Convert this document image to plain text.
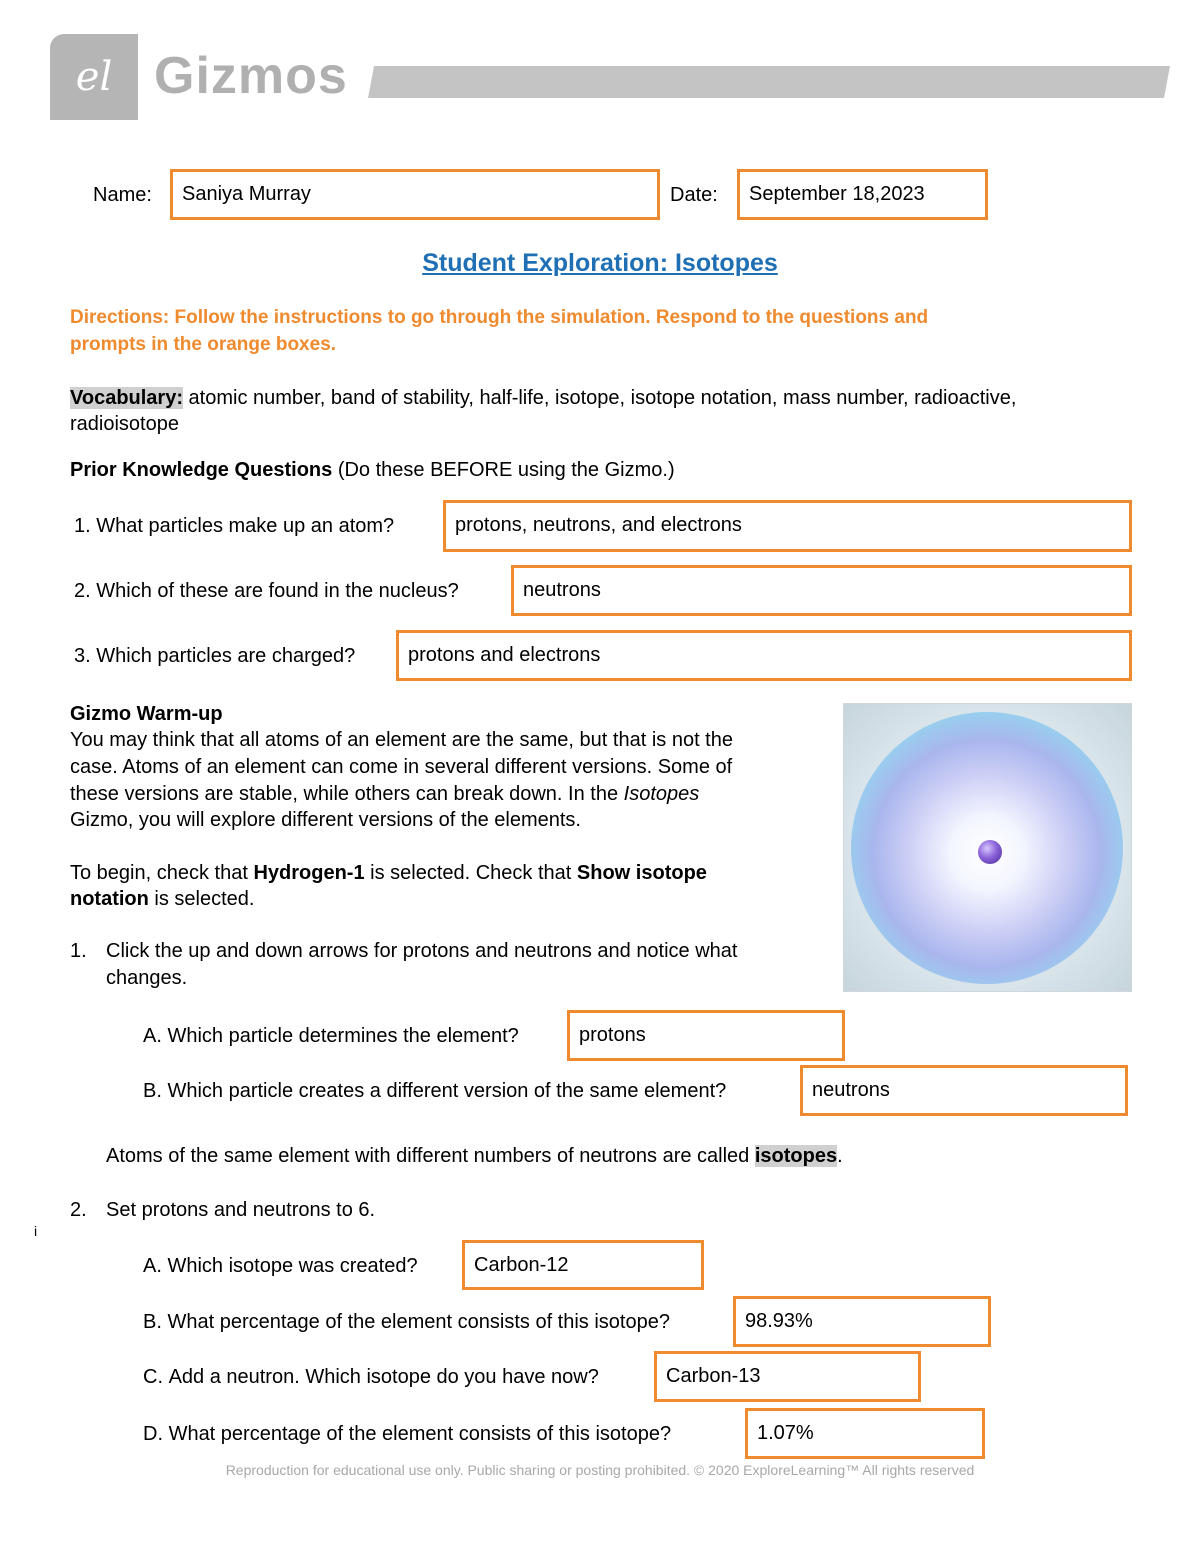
el Gizmos
Name:	Saniya Murray	Date:	September 18,2023
Student Exploration: Isotopes
Directions: Follow the instructions to go through the simulation. Respond to the questions and
prompts in the orange boxes.
Vocabulary: atomic number, band of stability, half-life, isotope, isotope notation, mass number, radioactive,
radioisotope
Prior Knowledge Questions (Do these BEFORE using the Gizmo.)
1. What particles make up an atom?	protons, neutrons, and electrons
2. Which of these are found in the nucleus?	neutrons
3. Which particles are charged?	protons and electrons
Gizmo Warm-up
You may think that all atoms of an element are the same, but that is not the
case. Atoms of an element can come in several different versions. Some of
these versions are stable, while others can break down. In the Isotopes
Gizmo, you will explore different versions of the elements.
To begin, check that Hydrogen-1 is selected. Check that Show isotope
notation is selected.
1. Click the up and down arrows for protons and neutrons and notice what
changes.
A. Which particle determines the element?	protons
B. Which particle creates a different version of the same element?	neutrons
Atoms of the same element with different numbers of neutrons are called isotopes.
2. Set protons and neutrons to 6.
i
A. Which isotope was created?	Carbon-12
B. What percentage of the element consists of this isotope?	98.93%
C. Add a neutron. Which isotope do you have now?	Carbon-13
D. What percentage of the element consists of this isotope?	1.07%
Reproduction for educational use only. Public sharing or posting prohibited. © 2020 ExploreLearning™ All rights reserved
